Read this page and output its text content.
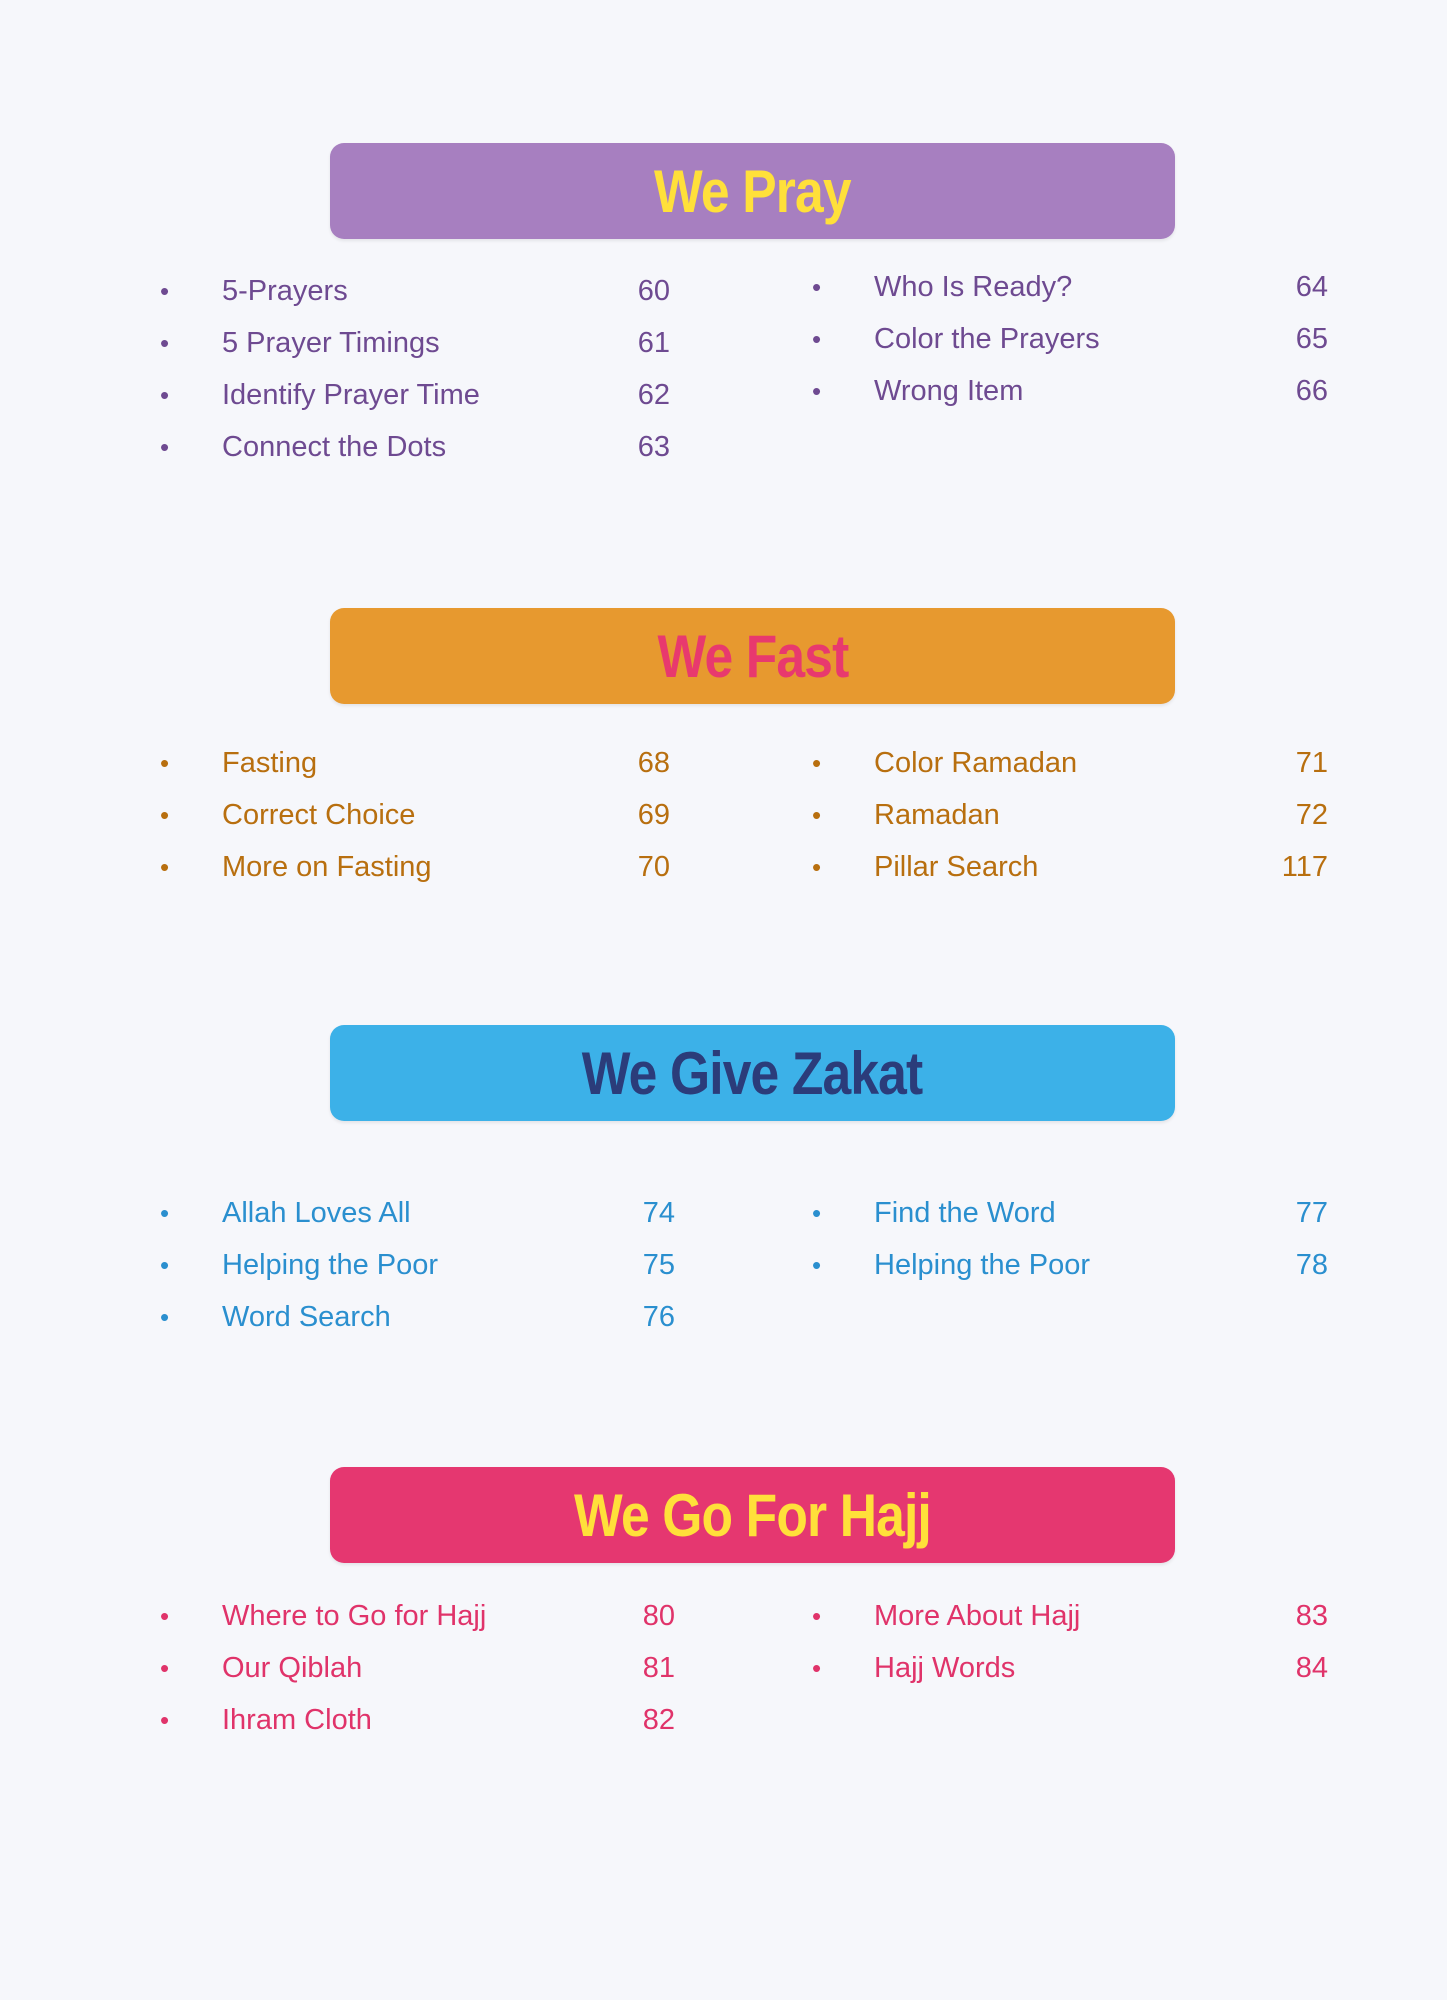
We Pray
• 5-Prayers	60
• 5 Prayer Timings	61
• Identify Prayer Time	62
• Connect the Dots	63
• Who Is Ready?	64
• Color the Prayers	65
• Wrong Item	66
We Fast
• Fasting	68
• Correct Choice	69
• More on Fasting	70
• Color Ramadan	71
• Ramadan	72
• Pillar Search	117
We Give Zakat
• Allah Loves All	74
• Helping the Poor	75
• Word Search	76
• Find the Word	77
• Helping the Poor	78
We Go For Hajj
• Where to Go for Hajj	80
• Our Qiblah	81
• Ihram Cloth	82
• More About Hajj	83
• Hajj Words	84
